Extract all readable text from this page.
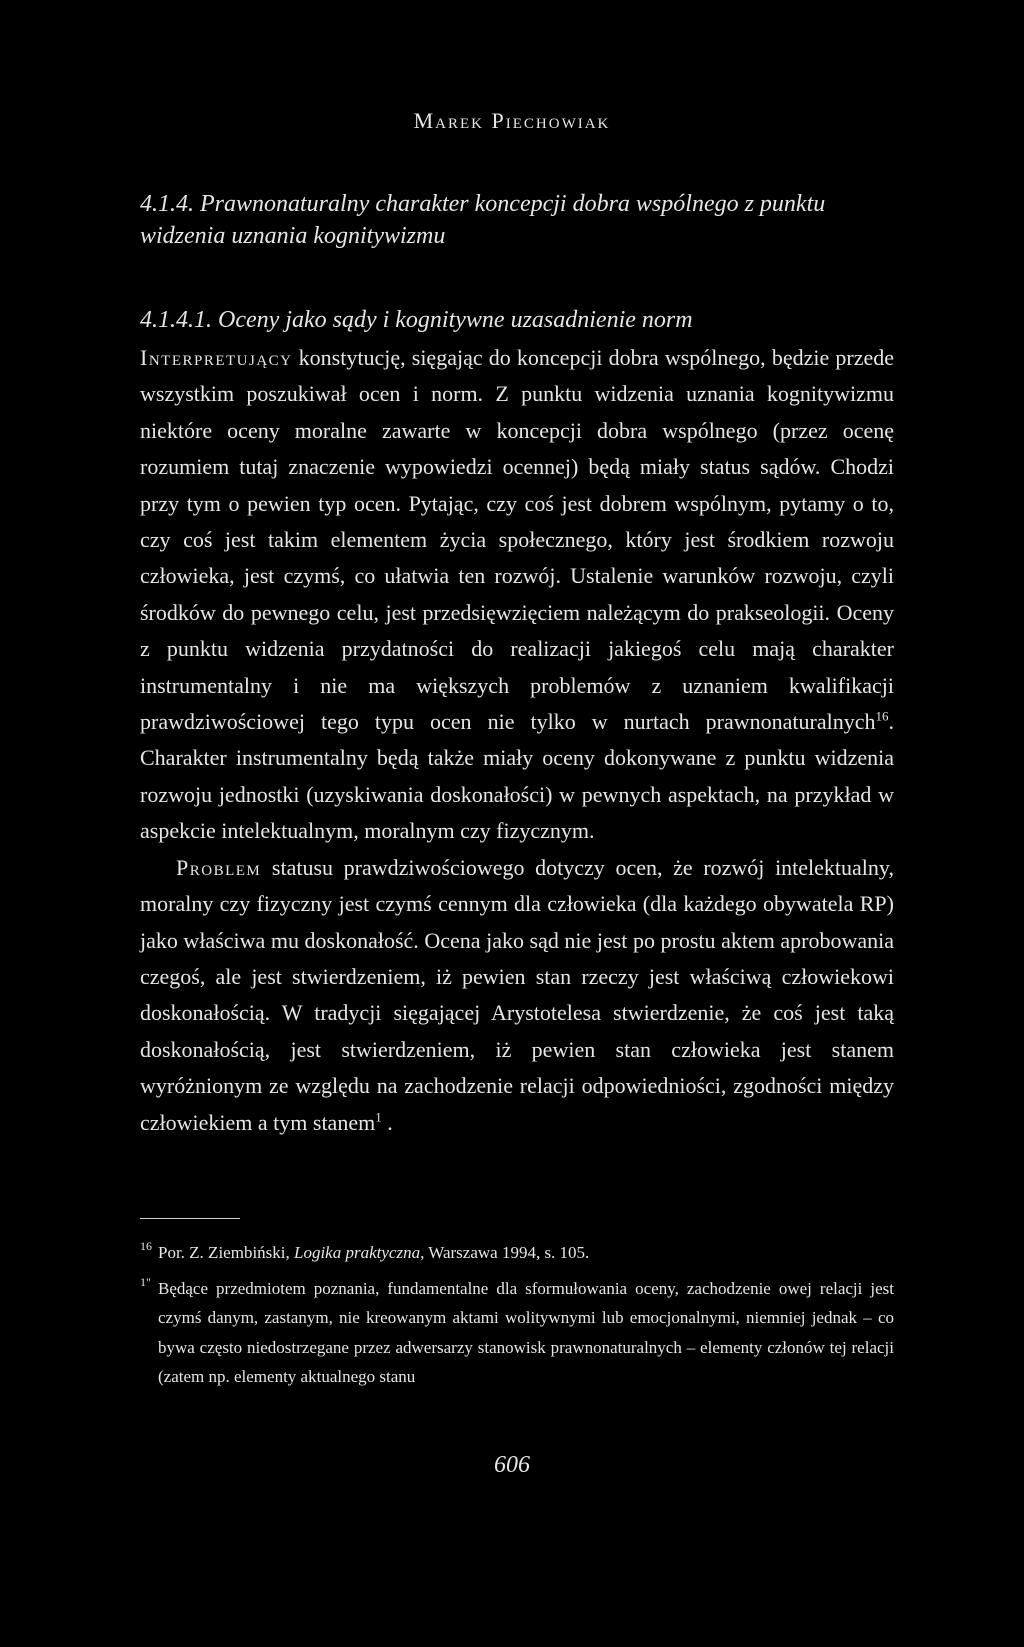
Marek Piechowiak
4.1.4. Prawnonaturalny charakter koncepcji dobra wspólnego z punktu widzenia uznania kognitywizmu
4.1.4.1. Oceny jako sądy i kognitywne uzasadnienie norm

Interpretujący konstytucję, sięgając do koncepcji dobra wspólnego, będzie przede wszystkim poszukiwał ocen i norm. Z punktu widzenia uznania kognitywizmu niektóre oceny moralne zawarte w koncepcji dobra wspólnego (przez ocenę rozumiem tutaj znaczenie wypowiedzi ocennej) będą miały status sądów. Chodzi przy tym o pewien typ ocen. Pytając, czy coś jest dobrem wspólnym, pytamy o to, czy coś jest takim elementem życia społecznego, który jest środkiem rozwoju człowieka, jest czymś, co ułatwia ten rozwój. Ustalenie warunków rozwoju, czyli środków do pewnego celu, jest przedsięwzięciem należącym do prakseologii. Oceny z punktu widzenia przydatności do realizacji jakiegoś celu mają charakter instrumentalny i nie ma większych problemów z uznaniem kwalifikacji prawdziwościowej tego typu ocen nie tylko w nurtach prawnonaturalnych$^{16}$. Charakter instrumentalny będą także miały oceny dokonywane z punktu widzenia rozwoju jednostki (uzyskiwania doskonałości) w pewnych aspektach, na przykład w aspekcie intelektualnym, moralnym czy fizycznym.

Problem statusu prawdziwościowego dotyczy ocen, że rozwój intelektualny, moralny czy fizyczny jest czymś cennym dla człowieka (dla każdego obywatela RP) jako właściwa mu doskonałość. Ocena jako sąd nie jest po prostu aktem aprobowania czegoś, ale jest stwierdzeniem, iż pewien stan rzeczy jest właściwą człowiekowi doskonałością. W tradycji sięgającej Arystotelesa stwierdzenie, że coś jest taką doskonałością, jest stwierdzeniem, iż pewien stan człowieka jest stanem wyróżnionym ze względu na zachodzenie relacji odpowiedniości, zgodności między człowiekiem a tym stanem$^1$ .

16 Por. Z. Ziembiński, Logika praktyczna, Warszawa 1994, s. 105.
1" Będące przedmiotem poznania, fundamentalne dla sformułowania oceny, zachodzenie owej relacji jest czymś danym, zastanym, nie kreowanym aktami wolitywnymi lub emocjonalnymi, niemniej jednak – co bywa często niedostrzegane przez adwersarzy stanowisk prawnonaturalnych – elementy członów tej relacji (zatem np. elementy aktualnego stanu
606
